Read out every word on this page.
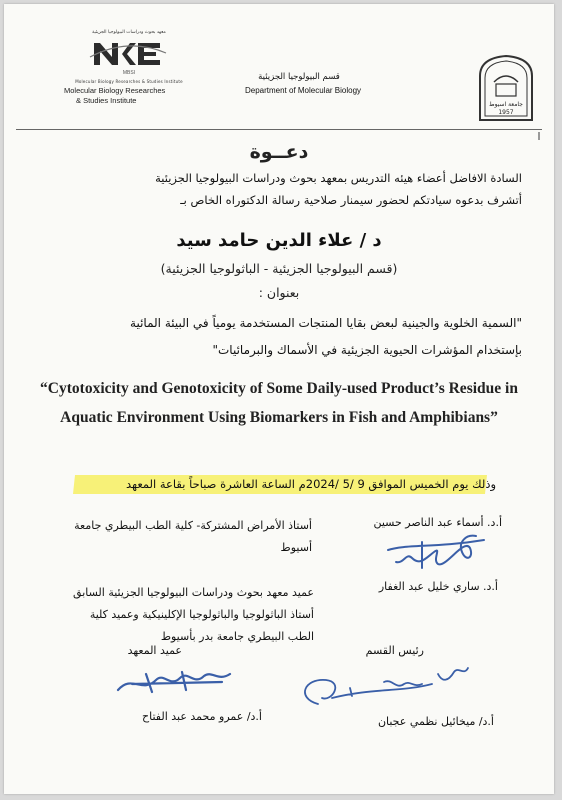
معهد بحوث ودراسات البيولوجيا الجزيئية
MBSI
Molecular Biology Researches & Studies Institute
Molecular Biology Researches
& Studies Institute
قسم البيولوجيا الجزيئية
Department of Molecular Biology
جامعة اسيوط
1957
دعــوة
السادة الافاضل أعضاء هيئه التدريس بمعهد بحوث ودراسات البيولوجيا الجزيئية
أتشرف بدعوه سيادتكم لحضور سيمنار صلاحية رسالة الدكتوراه الخاص بـ
د / علاء الدين حامد سيد
(قسم البيولوجيا الجزيئية - الباثولوجيا الجزيئية)
بعنوان :
"السمية الخلوية والجينية لبعض بقايا المنتجات المستخدمة يومياً في البيئة المائية
بإستخدام المؤشرات الحيوية الجزيئية في الأسماك والبرمائيات"
“Cytotoxicity and Genotoxicity of Some Daily-used Product’s Residue in Aquatic Environment Using Biomarkers in Fish and Amphibians”
وذلك يوم الخميس الموافق 9 /5 /2024م الساعة العاشرة صباحاً بقاعة المعهد
أ.د. أسماء عبد الناصر حسين
أستاذ الأمراض المشتركة- كلية الطب البيطري جامعة أسيوط
أ.د. ساري خليل عبد الغفار
عميد معهد بحوث ودراسات البيولوجيا الجزيئية السابق أستاذ الباثولوجيا والباثولوجيا الإكلينيكية وعميد كلية الطب البيطري جامعة بدر بأسيوط
رئيس القسم
عميد المعهد
أ.د/ ميخائيل نظمي عجبان
أ.د/ عمرو محمد عبد الفتاح
